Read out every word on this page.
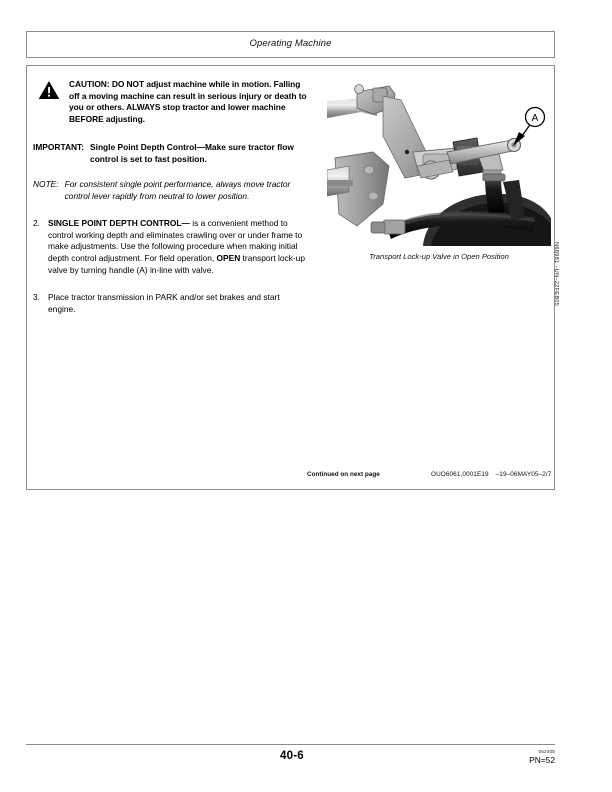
Operating Machine
CAUTION: DO NOT adjust machine while in motion. Falling off a moving machine can result in serious injury or death to you or others. ALWAYS stop tractor and lower machine BEFORE adjusting.
IMPORTANT: Single Point Depth Control—Make sure tractor flow control is set to fast position.
NOTE: For consistent single point performance, always move tractor control lever rapidly from neutral to lower position.
2. SINGLE POINT DEPTH CONTROL— is a convenient method to control working depth and eliminates crawling over or under frame to make adjustments. Use the following procedure when making initial depth control adjustment. For field operation, OPEN transport lock-up valve by turning handle (A) in-line with valve.
3. Place tractor transmission in PARK and/or set brakes and start engine.
A
Transport Lock-up Valve in Open Position	N68981 –UN–22FEB05
Continued on next page	OUO6061,0001E19 –19–06MAY05–2/7
40-6	052405
PN=52
